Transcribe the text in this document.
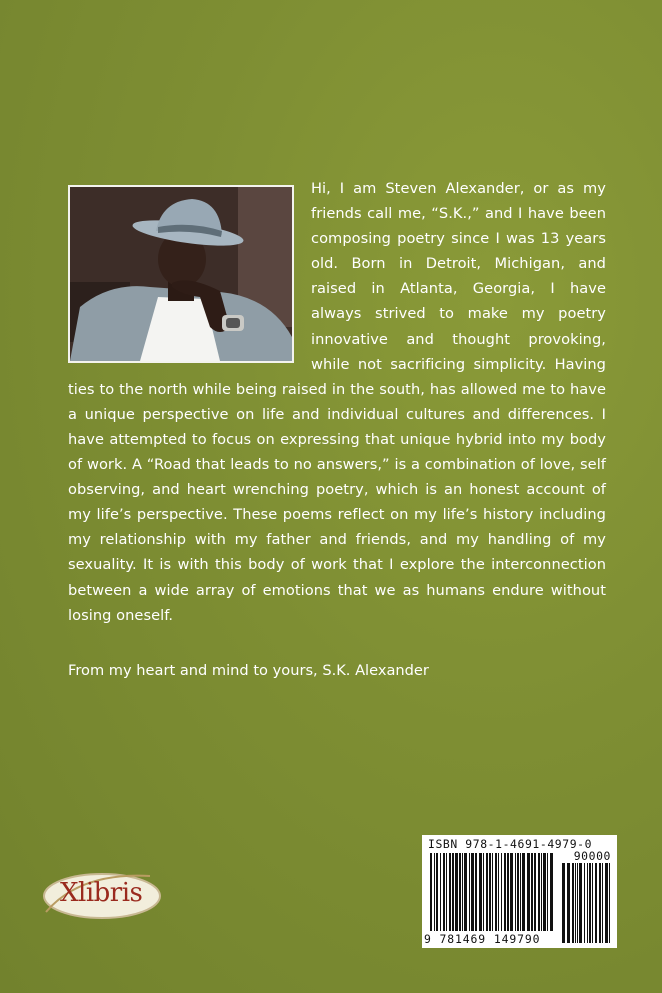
Hi, I am Steven Alexander, or as my friends call me, “S.K.,” and I have been composing poetry since I was 13 years old. Born in Detroit, Michigan, and raised in Atlanta, Georgia, I have always strived to make my poetry innovative and thought provoking, while not sacrificing simplicity. Having ties to the north while being raised in the south, has allowed me to have a unique perspective on life and individual cultures and differences. I have attempted to focus on expressing that unique hybrid into my body of work. A “Road that leads to no answers,” is a combination of love, self observing, and heart wrenching poetry, which is an honest account of my life’s perspective. These poems reflect on my life’s history including my relationship with my father and friends, and my handling of my sexuality. It is with this body of work that I explore the interconnection between a wide array of emotions that we as humans endure without losing oneself.
From my heart and mind to yours, S.K. Alexander
Xlibris
ISBN 978-1-4691-4979-0
90000
9 781469 149790
